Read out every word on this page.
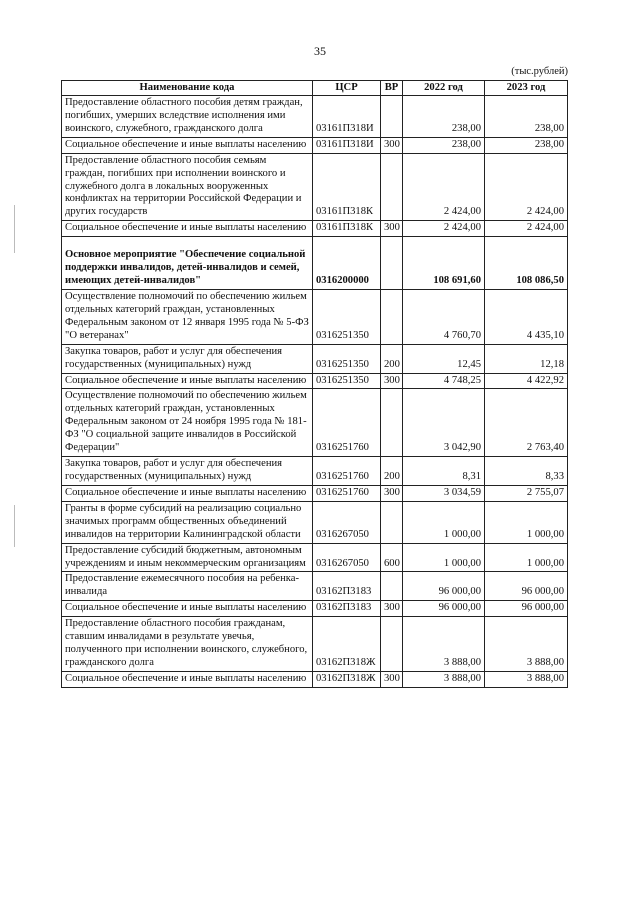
35
(тыс.рублей)
Наименование кода	ЦСР	ВР	2022 год	2023 год
Предоставление областного пособия детям граждан, погибших, умерших вследствие исполнения ими воинского, служебного, гражданского долга	03161П318И		238,00	238,00
Социальное обеспечение и иные выплаты населению	03161П318И	300	238,00	238,00
Предоставление областного пособия семьям граждан, погибших при исполнении воинского и служебного долга в локальных вооруженных конфликтах на территории Российской Федерации и других государств	03161П318К		2 424,00	2 424,00
Социальное обеспечение и иные выплаты населению	03161П318К	300	2 424,00	2 424,00
Основное мероприятие "Обеспечение социальной поддержки инвалидов, детей-инвалидов и семей, имеющих детей-инвалидов"	0316200000		108 691,60	108 086,50
Осуществление полномочий по обеспечению жильем отдельных категорий граждан, установленных Федеральным законом от 12 января 1995 года № 5-ФЗ "О ветеранах"	0316251350		4 760,70	4 435,10
Закупка товаров, работ и услуг для обеспечения государственных (муниципальных) нужд	0316251350	200	12,45	12,18
Социальное обеспечение и иные выплаты населению	0316251350	300	4 748,25	4 422,92
Осуществление полномочий по обеспечению жильем отдельных категорий граждан, установленных Федеральным законом от 24 ноября 1995 года № 181-ФЗ "О социальной защите инвалидов в Российской Федерации"	0316251760		3 042,90	2 763,40
Закупка товаров, работ и услуг для обеспечения государственных (муниципальных) нужд	0316251760	200	8,31	8,33
Социальное обеспечение и иные выплаты населению	0316251760	300	3 034,59	2 755,07
Гранты в форме субсидий на реализацию социально значимых программ общественных объединений инвалидов на территории Калининградской области	0316267050		1 000,00	1 000,00
Предоставление субсидий бюджетным, автономным учреждениям и иным некоммерческим организациям	0316267050	600	1 000,00	1 000,00
Предоставление ежемесячного пособия на ребенка-инвалида	03162П3183		96 000,00	96 000,00
Социальное обеспечение и иные выплаты населению	03162П3183	300	96 000,00	96 000,00
Предоставление областного пособия гражданам, ставшим инвалидами в результате увечья, полученного при исполнении воинского, служебного, гражданского долга	03162П318Ж		3 888,00	3 888,00
Социальное обеспечение и иные выплаты населению	03162П318Ж	300	3 888,00	3 888,00
